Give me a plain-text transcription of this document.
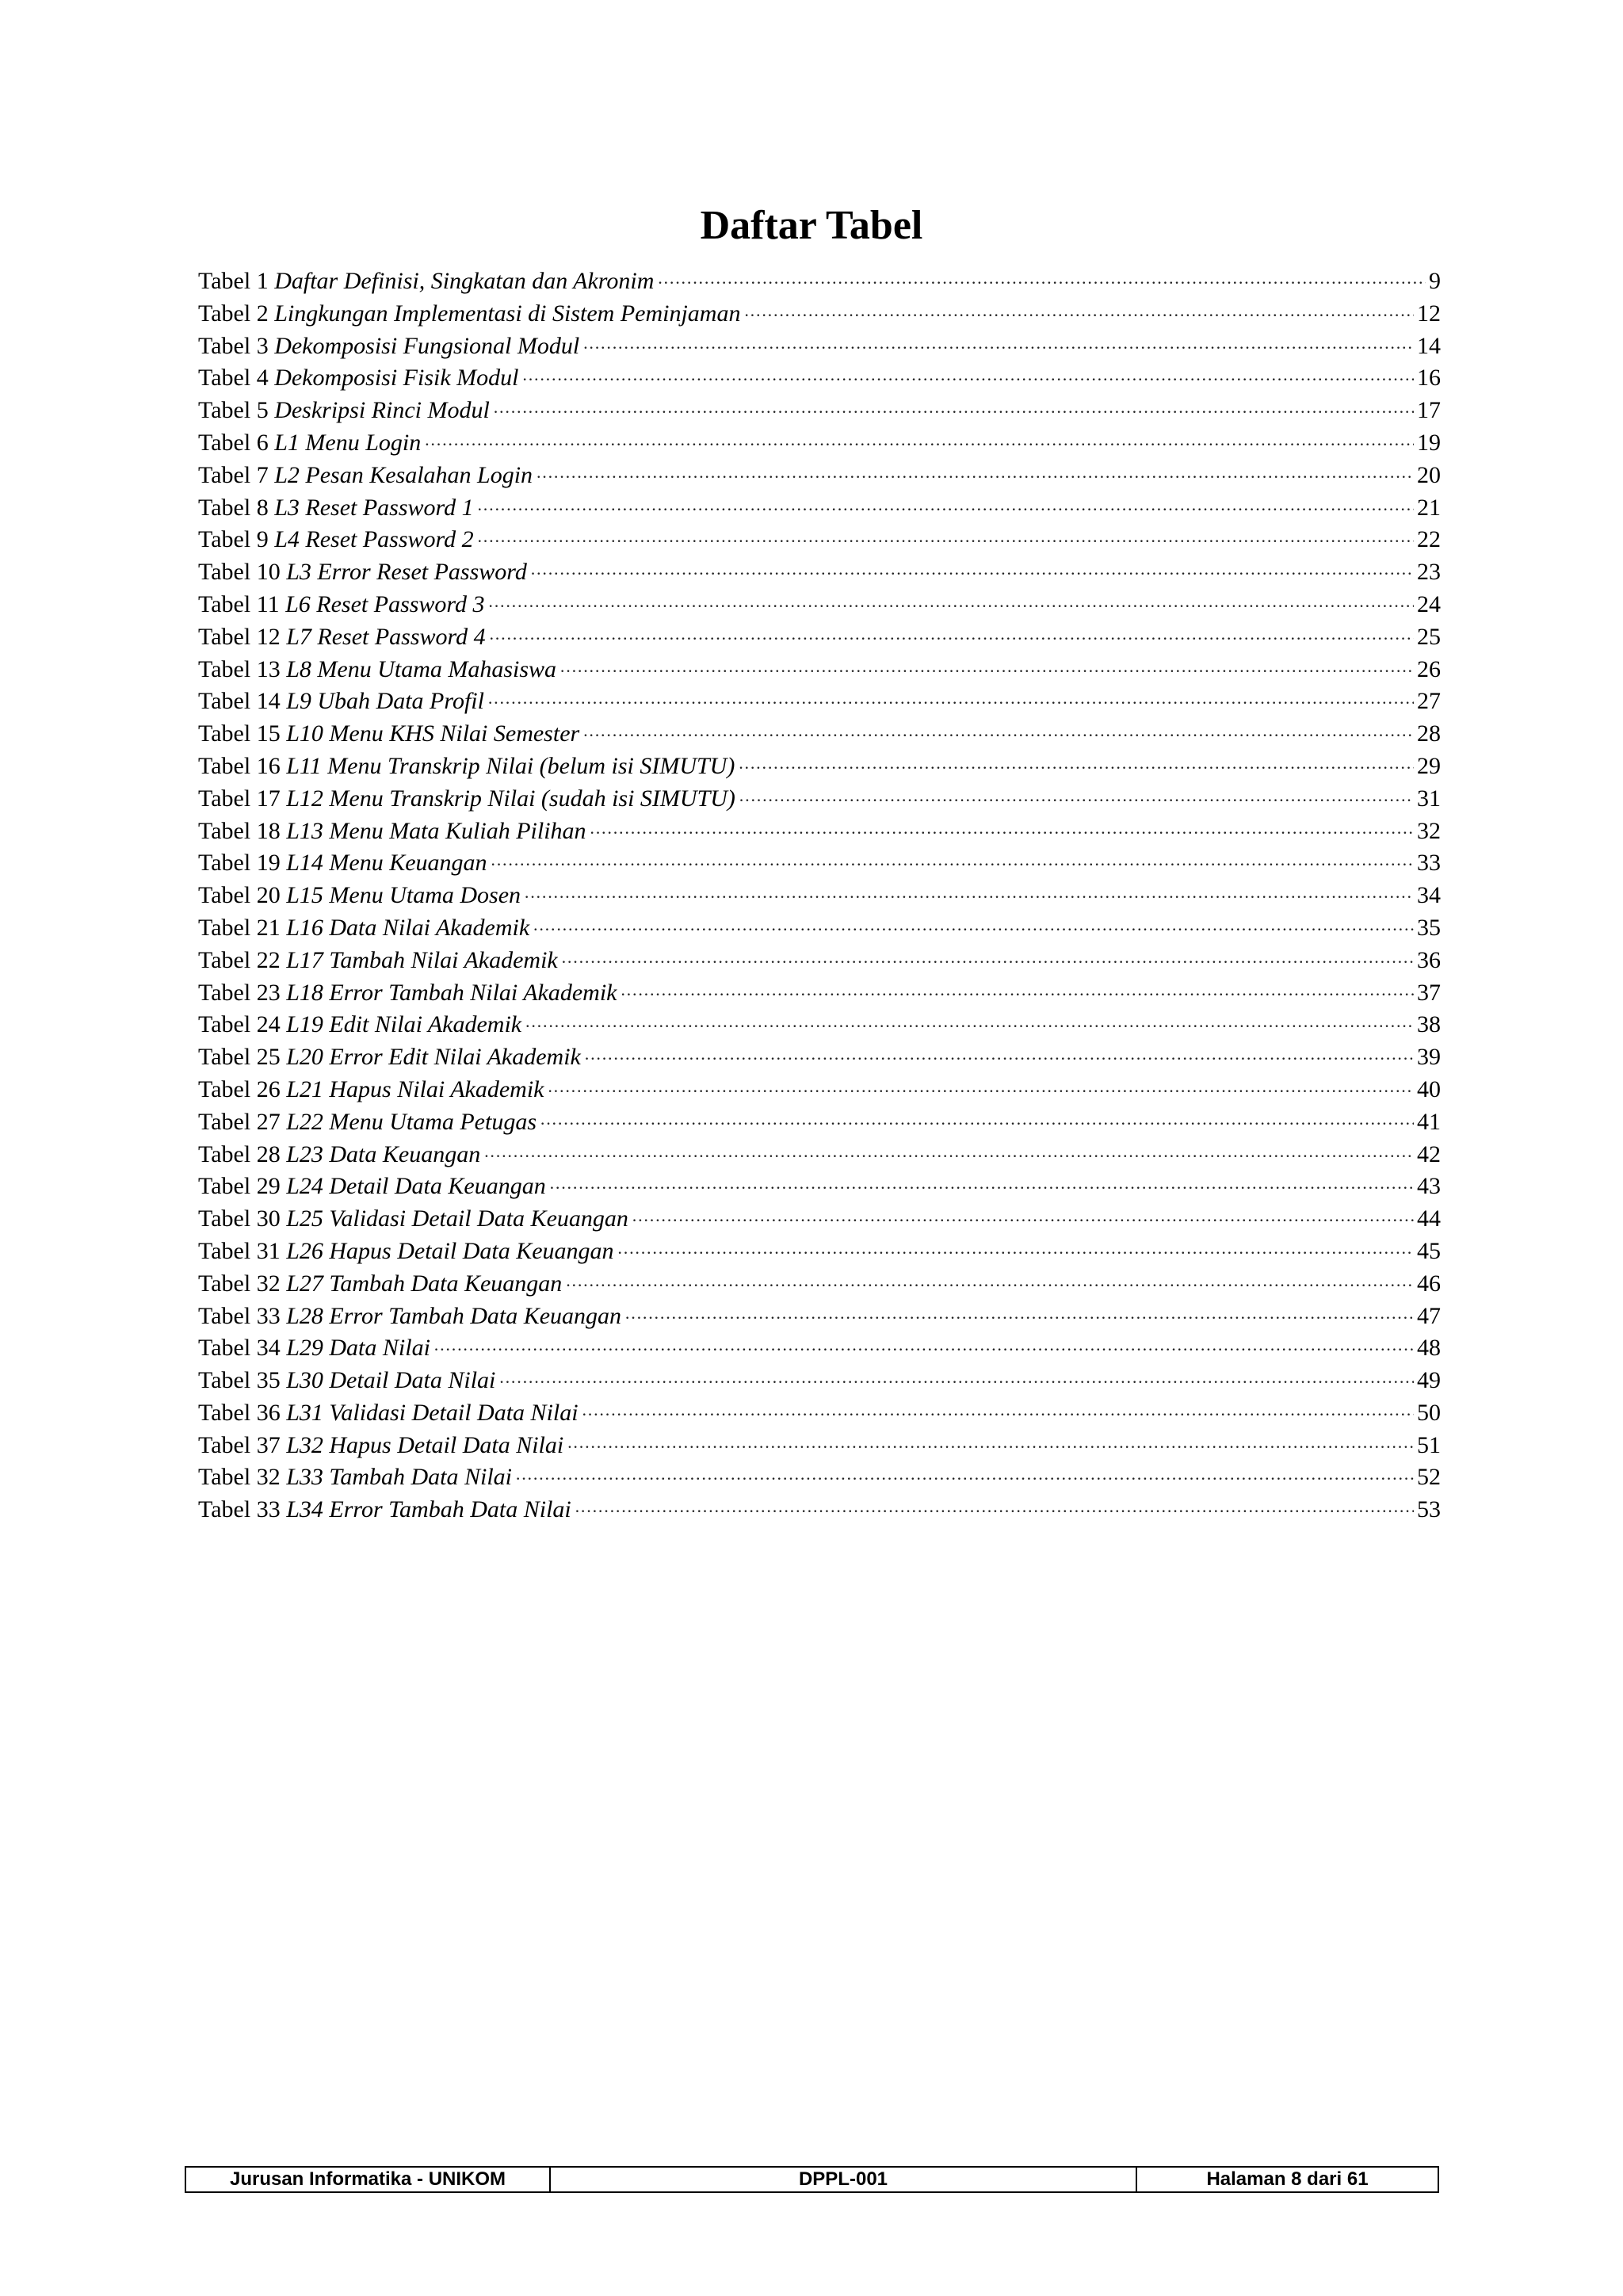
Daftar Tabel
Tabel 1 Daftar Definisi, Singkatan dan Akronim ·····	9
Tabel 2 Lingkungan Implementasi di Sistem Peminjaman ·····	12
Tabel 3 Dekomposisi Fungsional Modul ·····	14
Tabel 4 Dekomposisi Fisik Modul ·····	16
Tabel 5 Deskripsi Rinci Modul ·····	17
Tabel 6 L1 Menu Login ·····	19
Tabel 7 L2 Pesan Kesalahan Login ·····	20
Tabel 8 L3 Reset Password 1 ·····	21
Tabel 9 L4 Reset Password 2 ·····	22
Tabel 10 L3 Error Reset Password ·····	23
Tabel 11 L6 Reset Password 3 ·····	24
Tabel 12 L7 Reset Password 4 ·····	25
Tabel 13 L8 Menu Utama Mahasiswa ·····	26
Tabel 14 L9 Ubah Data Profil ·····	27
Tabel 15 L10 Menu KHS Nilai Semester ·····	28
Tabel 16 L11 Menu Transkrip Nilai (belum isi SIMUTU) ·····	29
Tabel 17 L12 Menu Transkrip Nilai (sudah isi SIMUTU) ·····	31
Tabel 18 L13 Menu Mata Kuliah Pilihan ·····	32
Tabel 19 L14 Menu Keuangan ·····	33
Tabel 20 L15 Menu Utama Dosen ·····	34
Tabel 21 L16 Data Nilai Akademik ·····	35
Tabel 22 L17 Tambah Nilai Akademik ·····	36
Tabel 23 L18 Error Tambah Nilai Akademik ·····	37
Tabel 24 L19 Edit Nilai Akademik ·····	38
Tabel 25 L20 Error Edit Nilai Akademik ·····	39
Tabel 26 L21 Hapus Nilai Akademik ·····	40
Tabel 27 L22 Menu Utama Petugas ·····	41
Tabel 28 L23 Data Keuangan ·····	42
Tabel 29 L24 Detail Data Keuangan ·····	43
Tabel 30 L25 Validasi Detail Data Keuangan ·····	44
Tabel 31 L26 Hapus Detail Data Keuangan ·····	45
Tabel 32 L27 Tambah Data Keuangan ·····	46
Tabel 33 L28 Error Tambah Data Keuangan ·····	47
Tabel 34 L29 Data Nilai ·····	48
Tabel 35 L30 Detail Data Nilai ·····	49
Tabel 36 L31 Validasi Detail Data Nilai ·····	50
Tabel 37 L32 Hapus Detail Data Nilai ·····	51
Tabel 32 L33 Tambah Data Nilai ·····	52
Tabel 33 L34 Error Tambah Data Nilai ·····	53
Jurusan Informatika - UNIKOM	DPPL-001	Halaman 8 dari 61
